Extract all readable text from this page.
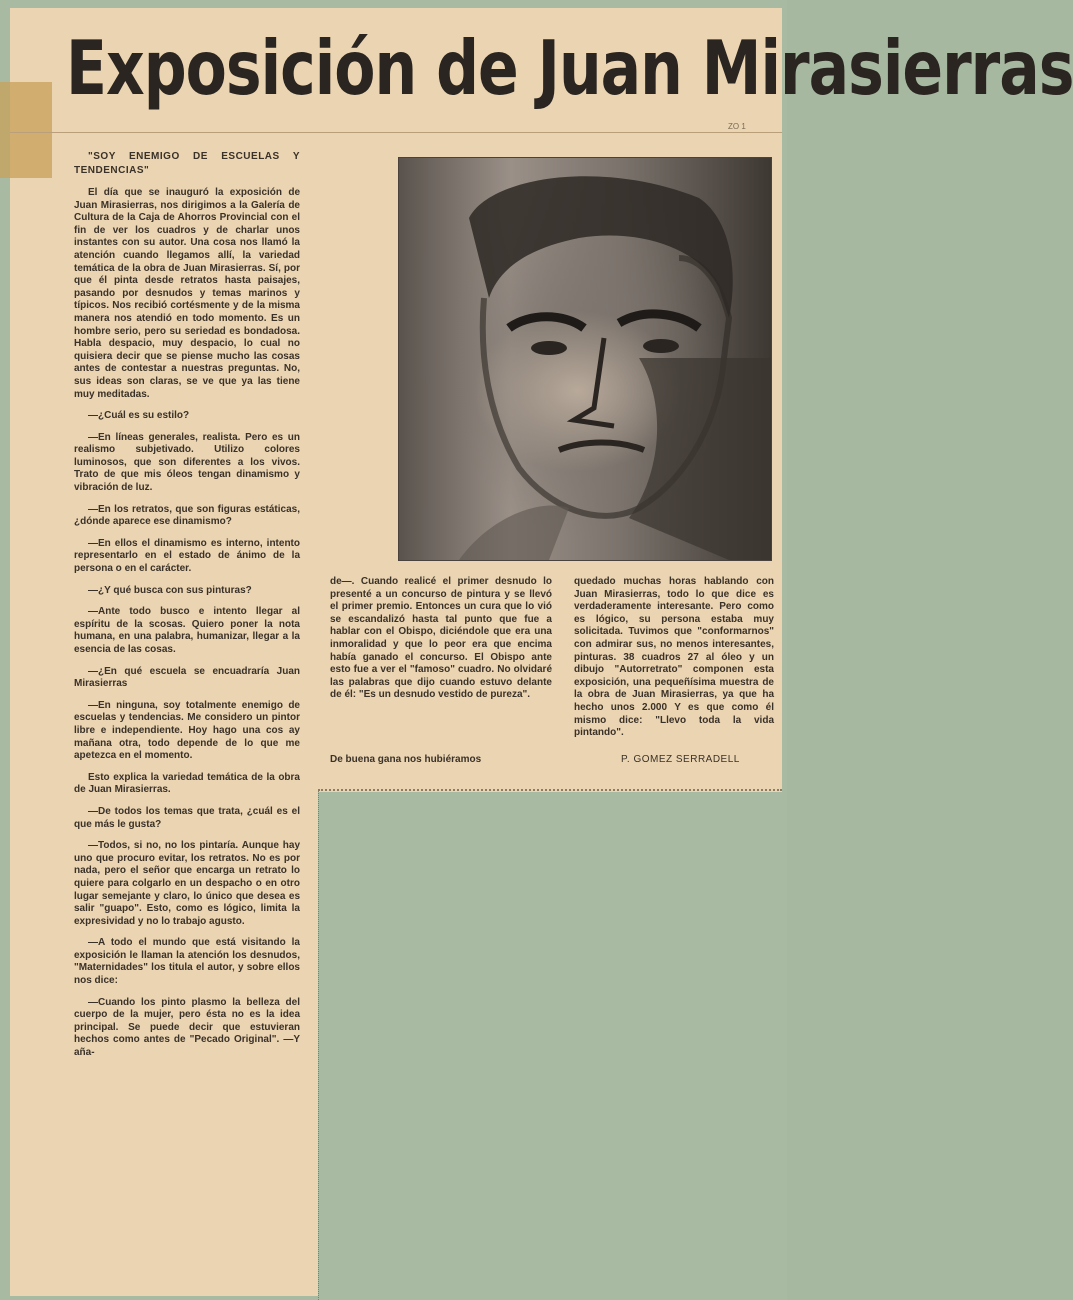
Exposición de Juan Mirasierras
ZO 1

"SOY ENEMIGO DE ESCUELAS Y TENDENCIAS"

El día que se inauguró la exposición de Juan Mirasierras, nos dirigimos a la Galería de Cultura de la Caja de Ahorros Provincial con el fin de ver los cuadros y de charlar unos instantes con su autor. Una cosa nos llamó la atención cuando llegamos allí, la variedad temática de la obra de Juan Mirasierras. Sí, por que él pinta desde retratos hasta paisajes, pasando por desnudos y temas marinos y típicos. Nos recibió cortésmente y de la misma manera nos atendió en todo momento. Es un hombre serio, pero su seriedad es bondadosa. Habla despacio, muy despacio, lo cual no quisiera decir que se piense mucho las cosas antes de contestar a nuestras preguntas. No, sus ideas son claras, se ve que ya las tiene muy meditadas.

—¿Cuál es su estilo?

—En líneas generales, realista. Pero es un realismo subjetivado. Utilizo colores luminosos, que son diferentes a los vivos. Trato de que mis óleos tengan dinamismo y vibración de luz.

—En los retratos, que son figuras estáticas, ¿dónde aparece ese dinamismo?

—En ellos el dinamismo es interno, intento representarlo en el estado de ánimo de la persona o en el carácter.

—¿Y qué busca con sus pinturas?

—Ante todo busco e intento llegar al espíritu de la scosas. Quiero poner la nota humana, en una palabra, humanizar, llegar a la esencia de las cosas.

—¿En qué escuela se encuadraría Juan Mirasierras

—En ninguna, soy totalmente enemigo de escuelas y tendencias. Me considero un pintor libre e independiente. Hoy hago una cos ay mañana otra, todo depende de lo que me apetezca en el momento.

Esto explica la variedad temática de la obra de Juan Mirasierras.

—De todos los temas que trata, ¿cuál es el que más le gusta?

—Todos, si no, no los pintaría. Aunque hay uno que procuro evitar, los retratos. No es por nada, pero el señor que encarga un retrato lo quiere para colgarlo en un despacho o en otro lugar semejante y claro, lo único que desea es salir "guapo". Esto, como es lógico, limita la expresividad y no lo trabajo agusto.

—A todo el mundo que está visitando la exposición le llaman la atención los desnudos, "Maternidades" los titula el autor, y sobre ellos nos dice:

—Cuando los pinto plasmo la belleza del cuerpo de la mujer, pero ésta no es la idea principal. Se puede decir que estuvieran hechos como antes de "Pecado Original". —Y aña-

de—. Cuando realicé el primer desnudo lo presenté a un concurso de pintura y se llevó el primer premio. Entonces un cura que lo vió se escandalizó hasta tal punto que fue a hablar con el Obispo, diciéndole que era una inmoralidad y que lo peor era que encima había ganado el concurso. El Obispo ante esto fue a ver el "famoso" cuadro. No olvidaré las palabras que dijo cuando estuvo delante de él: "Es un desnudo vestido de pureza".

De buena gana nos hubiéramos

quedado muchas horas hablando con Juan Mirasierras, todo lo que dice es verdaderamente interesante. Pero como es lógico, su persona estaba muy solicitada. Tuvimos que "conformarnos" con admirar sus, no menos interesantes, pinturas. 38 cuadros 27 al óleo y un dibujo "Autorretrato" componen esta exposición, una pequeñísima muestra de la obra de Juan Mirasierras, ya que ha hecho unos 2.000 Y es que como él mismo dice: "Llevo toda la vida pintando".

P. GOMEZ SERRADELL
